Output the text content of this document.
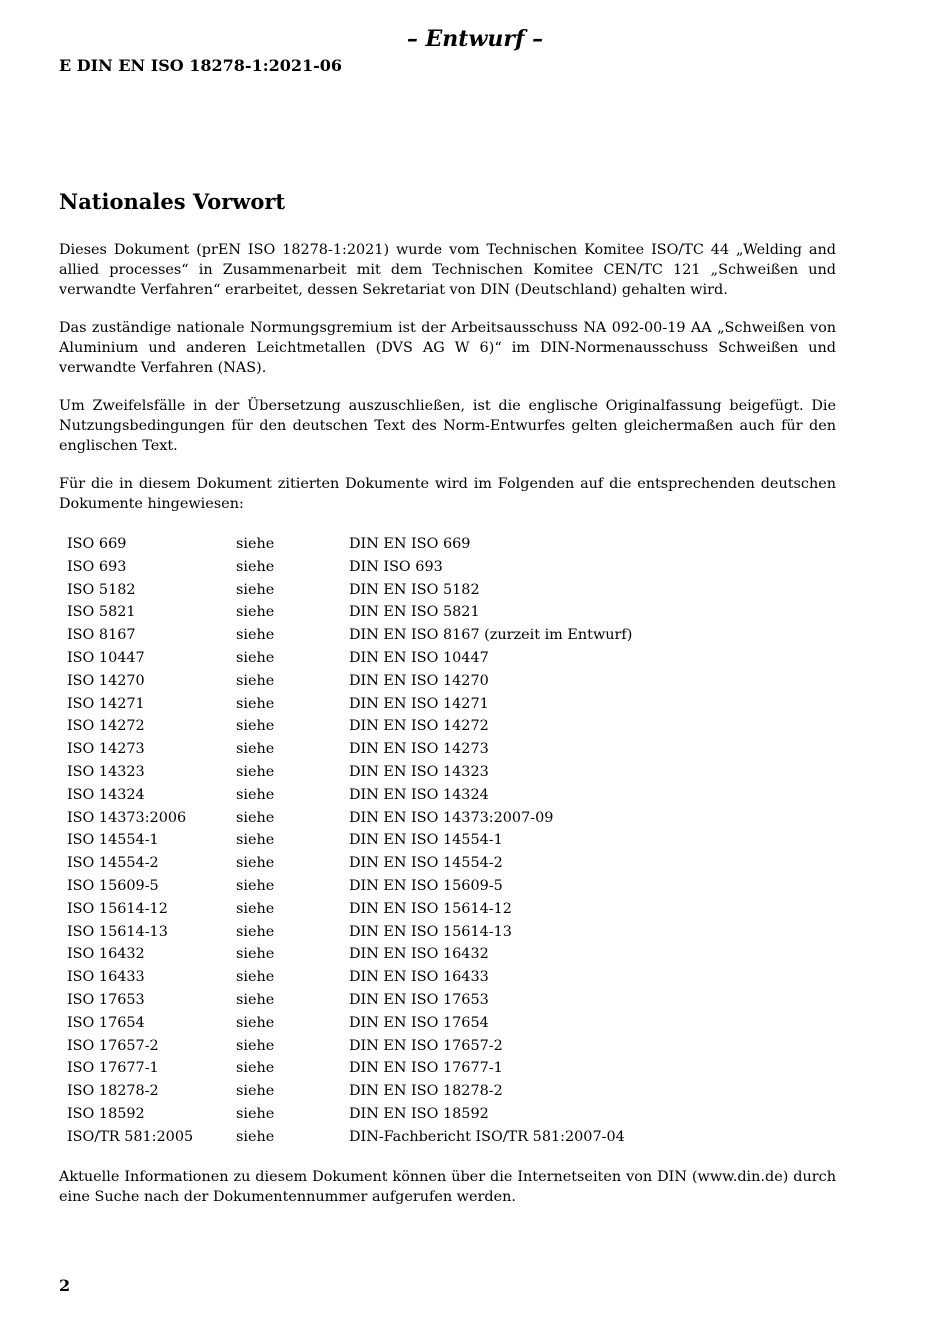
– Entwurf –
E DIN EN ISO 18278-1:2021-06
Nationales Vorwort
Dieses Dokument (prEN ISO 18278-1:2021) wurde vom Technischen Komitee ISO/TC 44 „Welding and allied processes“ in Zusammenarbeit mit dem Technischen Komitee CEN/TC 121 „Schweißen und verwandte Verfahren“ erarbeitet, dessen Sekretariat von DIN (Deutschland) gehalten wird.
Das zuständige nationale Normungsgremium ist der Arbeitsausschuss NA 092-00-19 AA „Schweißen von Aluminium und anderen Leichtmetallen (DVS AG W 6)“ im DIN-Normenausschuss Schweißen und verwandte Verfahren (NAS).
Um Zweifelsfälle in der Übersetzung auszuschließen, ist die englische Originalfassung beigefügt. Die Nutzungsbedingungen für den deutschen Text des Norm-Entwurfes gelten gleichermaßen auch für den englischen Text.
Für die in diesem Dokument zitierten Dokumente wird im Folgenden auf die entsprechenden deutschen Dokumente hingewiesen:
ISO 669	siehe	DIN EN ISO 669
ISO 693	siehe	DIN ISO 693
ISO 5182	siehe	DIN EN ISO 5182
ISO 5821	siehe	DIN EN ISO 5821
ISO 8167	siehe	DIN EN ISO 8167 (zurzeit im Entwurf)
ISO 10447	siehe	DIN EN ISO 10447
ISO 14270	siehe	DIN EN ISO 14270
ISO 14271	siehe	DIN EN ISO 14271
ISO 14272	siehe	DIN EN ISO 14272
ISO 14273	siehe	DIN EN ISO 14273
ISO 14323	siehe	DIN EN ISO 14323
ISO 14324	siehe	DIN EN ISO 14324
ISO 14373:2006	siehe	DIN EN ISO 14373:2007-09
ISO 14554-1	siehe	DIN EN ISO 14554-1
ISO 14554-2	siehe	DIN EN ISO 14554-2
ISO 15609-5	siehe	DIN EN ISO 15609-5
ISO 15614-12	siehe	DIN EN ISO 15614-12
ISO 15614-13	siehe	DIN EN ISO 15614-13
ISO 16432	siehe	DIN EN ISO 16432
ISO 16433	siehe	DIN EN ISO 16433
ISO 17653	siehe	DIN EN ISO 17653
ISO 17654	siehe	DIN EN ISO 17654
ISO 17657-2	siehe	DIN EN ISO 17657-2
ISO 17677-1	siehe	DIN EN ISO 17677-1
ISO 18278-2	siehe	DIN EN ISO 18278-2
ISO 18592	siehe	DIN EN ISO 18592
ISO/TR 581:2005	siehe	DIN-Fachbericht ISO/TR 581:2007-04
Aktuelle Informationen zu diesem Dokument können über die Internetseiten von DIN (www.din.de) durch eine Suche nach der Dokumentennummer aufgerufen werden.
2
